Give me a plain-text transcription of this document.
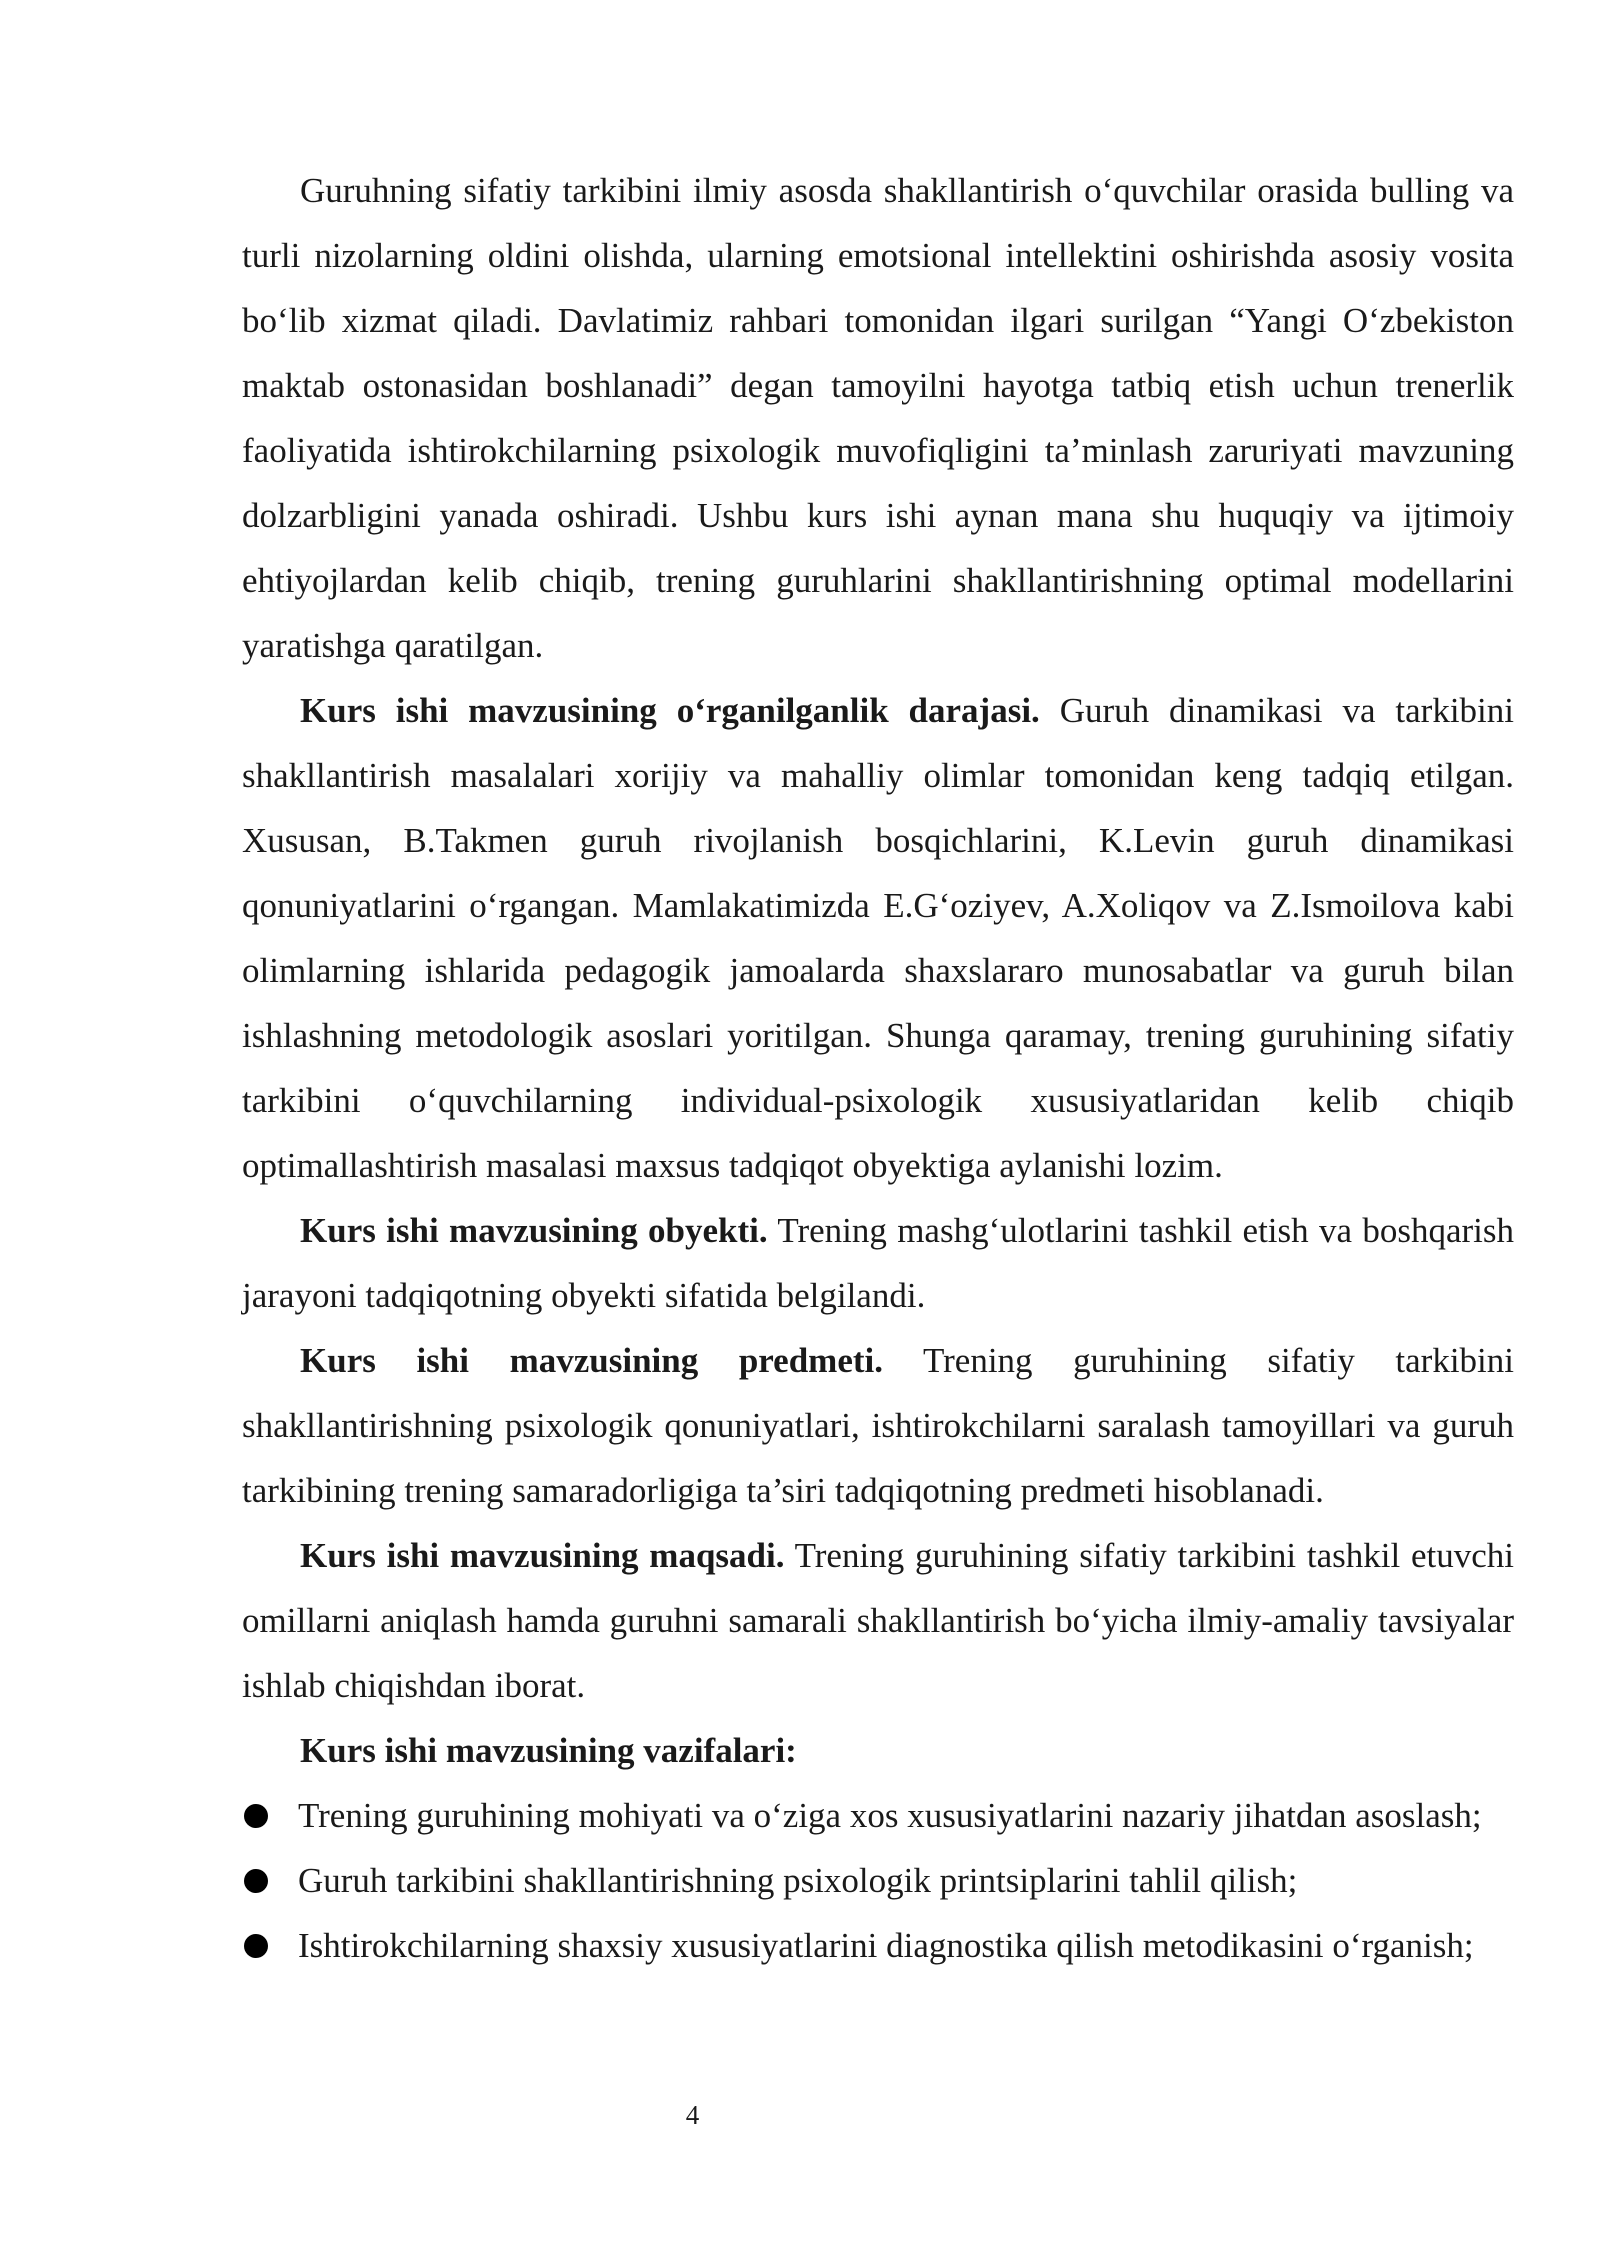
Guruhning sifatiy tarkibini ilmiy asosda shakllantirish o‘quvchilar orasida bulling va turli nizolarning oldini olishda, ularning emotsional intellektini oshirishda asosiy vosita bo‘lib xizmat qiladi. Davlatimiz rahbari tomonidan ilgari surilgan “Yangi O‘zbekiston maktab ostonasidan boshlanadi” degan tamoyilni hayotga tatbiq etish uchun trenerlik faoliyatida ishtirokchilarning psixologik muvofiqligini ta’minlash zaruriyati mavzuning dolzarbligini yanada oshiradi. Ushbu kurs ishi aynan mana shu huquqiy va ijtimoiy ehtiyojlardan kelib chiqib, trening guruhlarini shakllantirishning optimal modellarini yaratishga qaratilgan.

Kurs ishi mavzusining o‘rganilganlik darajasi. Guruh dinamikasi va tarkibini shakllantirish masalalari xorijiy va mahalliy olimlar tomonidan keng tadqiq etilgan. Xususan, B.Takmen guruh rivojlanish bosqichlarini, K.Levin guruh dinamikasi qonuniyatlarini o‘rgangan. Mamlakatimizda E.G‘oziyev, A.Xoliqov va Z.Ismoilova kabi olimlarning ishlarida pedagogik jamoalarda shaxslararo munosabatlar va guruh bilan ishlashning metodologik asoslari yoritilgan. Shunga qaramay, trening guruhining sifatiy tarkibini o‘quvchilarning individual-psixologik xususiyatlaridan kelib chiqib optimallashtirish masalasi maxsus tadqiqot obyektiga aylanishi lozim.

Kurs ishi mavzusining obyekti. Trening mashg‘ulotlarini tashkil etish va boshqarish jarayoni tadqiqotning obyekti sifatida belgilandi.

Kurs ishi mavzusining predmeti. Trening guruhining sifatiy tarkibini shakllantirishning psixologik qonuniyatlari, ishtirokchilarni saralash tamoyillari va guruh tarkibining trening samaradorligiga ta’siri tadqiqotning predmeti hisoblanadi.

Kurs ishi mavzusining maqsadi. Trening guruhining sifatiy tarkibini tashkil etuvchi omillarni aniqlash hamda guruhni samarali shakllantirish bo‘yicha ilmiy-amaliy tavsiyalar ishlab chiqishdan iborat.

Kurs ishi mavzusining vazifalari:

Trening guruhining mohiyati va o‘ziga xos xususiyatlarini nazariy jihatdan asoslash;
Guruh tarkibini shakllantirishning psixologik printsiplarini tahlil qilish;
Ishtirokchilarning shaxsiy xususiyatlarini diagnostika qilish metodikasini o‘rganish;
4
